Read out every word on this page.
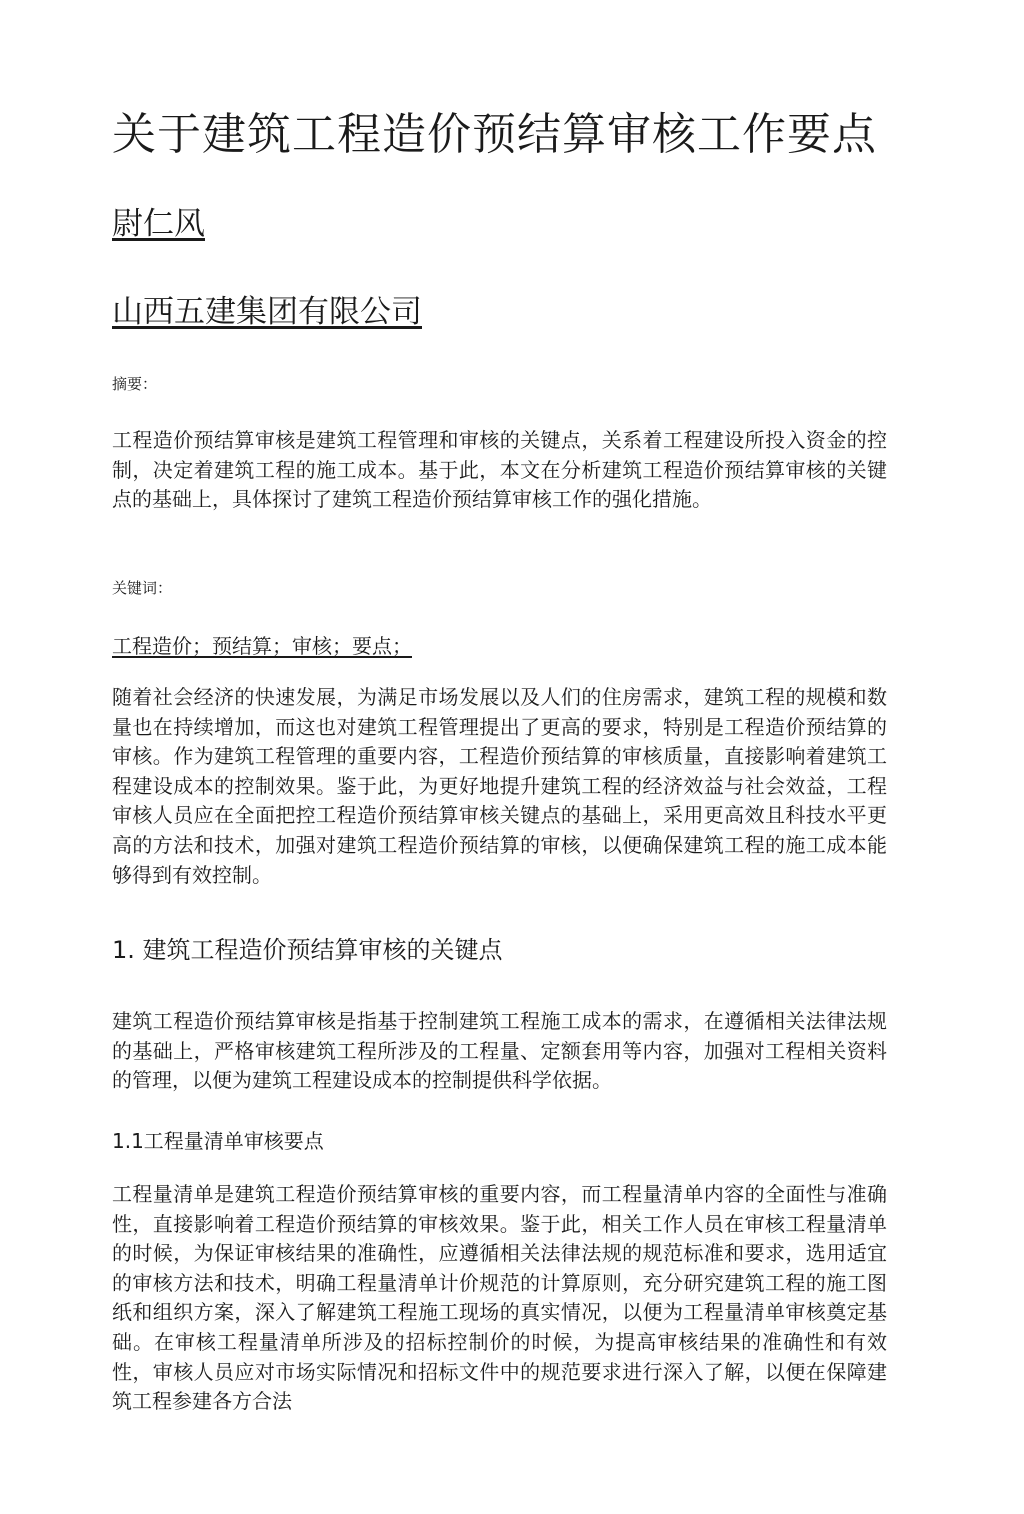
关于建筑工程造价预结算审核工作要点
尉仁风
山西五建集团有限公司
摘要：

工程造价预结算审核是建筑工程管理和审核的关键点，关系着工程建设所投入资金的控制，决定着建筑工程的施工成本。基于此，本文在分析建筑工程造价预结算审核的关键点的基础上，具体探讨了建筑工程造价预结算审核工作的强化措施。

关键词：
工程造价；预结算；审核；要点；

随着社会经济的快速发展，为满足市场发展以及人们的住房需求，建筑工程的规模和数量也在持续增加，而这也对建筑工程管理提出了更高的要求，特别是工程造价预结算的审核。作为建筑工程管理的重要内容，工程造价预结算的审核质量，直接影响着建筑工程建设成本的控制效果。鉴于此，为更好地提升建筑工程的经济效益与社会效益，工程审核人员应在全面把控工程造价预结算审核关键点的基础上，采用更高效且科技水平更高的方法和技术，加强对建筑工程造价预结算的审核，以便确保建筑工程的施工成本能够得到有效控制。

1. 建筑工程造价预结算审核的关键点

建筑工程造价预结算审核是指基于控制建筑工程施工成本的需求，在遵循相关法律法规的基础上，严格审核建筑工程所涉及的工程量、定额套用等内容，加强对工程相关资料的管理，以便为建筑工程建设成本的控制提供科学依据。

1.1工程量清单审核要点

工程量清单是建筑工程造价预结算审核的重要内容，而工程量清单内容的全面性与准确性，直接影响着工程造价预结算的审核效果。鉴于此，相关工作人员在审核工程量清单的时候，为保证审核结果的准确性，应遵循相关法律法规的规范标准和要求，选用适宜的审核方法和技术，明确工程量清单计价规范的计算原则，充分研究建筑工程的施工图纸和组织方案，深入了解建筑工程施工现场的真实情况，以便为工程量清单审核奠定基础。在审核工程量清单所涉及的招标控制价的时候，为提高审核结果的准确性和有效性，审核人员应对市场实际情况和招标文件中的规范要求进行深入了解，以便在保障建筑工程参建各方合法
